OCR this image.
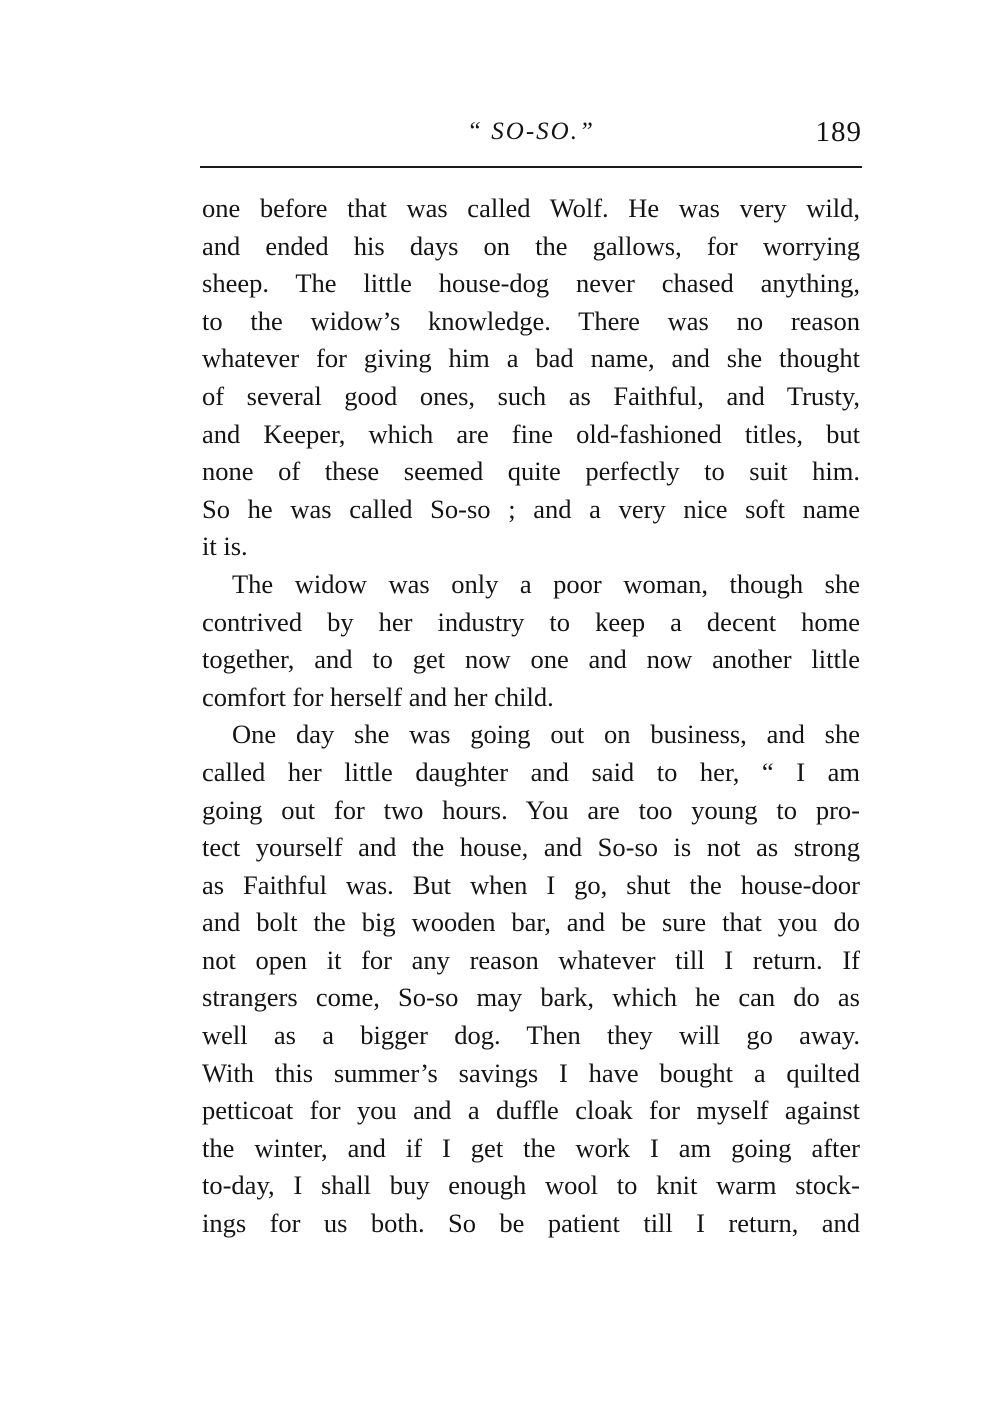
“ SO-SO.”	189
one before that was called Wolf. He was very wild,
and ended his days on the gallows, for worrying
sheep. The little house-dog never chased anything,
to the widow’s knowledge. There was no reason
whatever for giving him a bad name, and she thought
of several good ones, such as Faithful, and Trusty,
and Keeper, which are fine old-fashioned titles, but
none of these seemed quite perfectly to suit him.
So he was called So-so ; and a very nice soft name
it is.
The widow was only a poor woman, though she
contrived by her industry to keep a decent home
together, and to get now one and now another little
comfort for herself and her child.
One day she was going out on business, and she
called her little daughter and said to her, “ I am
going out for two hours. You are too young to pro-
tect yourself and the house, and So-so is not as strong
as Faithful was. But when I go, shut the house-door
and bolt the big wooden bar, and be sure that you do
not open it for any reason whatever till I return. If
strangers come, So-so may bark, which he can do as
well as a bigger dog. Then they will go away.
With this summer’s savings I have bought a quilted
petticoat for you and a duffle cloak for myself against
the winter, and if I get the work I am going after
to-day, I shall buy enough wool to knit warm stock-
ings for us both. So be patient till I return, and
